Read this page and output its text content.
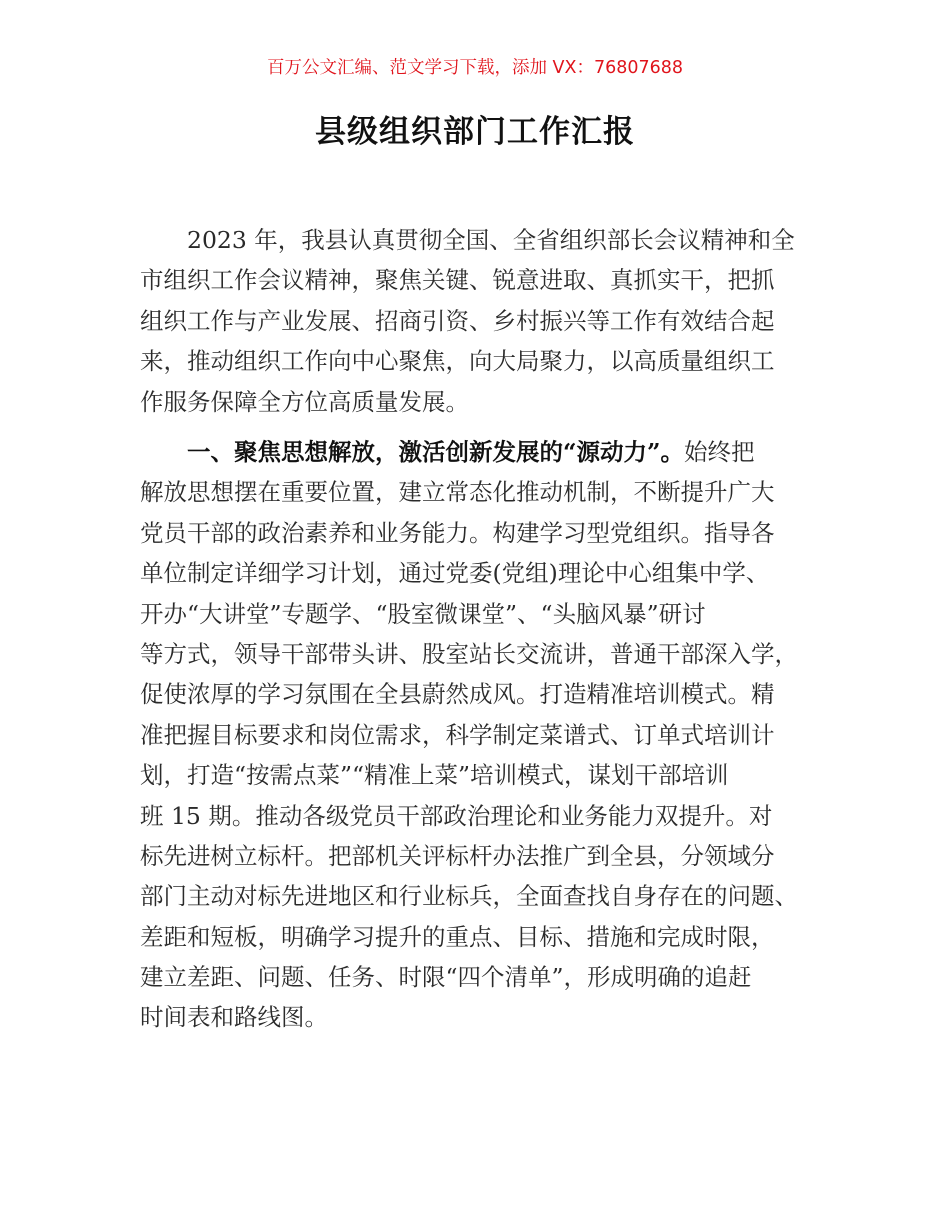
百万公文汇编、范文学习下载，添加 VX：76807688
县级组织部门工作汇报
2023 年，我县认真贯彻全国、全省组织部长会议精神和全
市组织工作会议精神，聚焦关键、锐意进取、真抓实干，把抓
组织工作与产业发展、招商引资、乡村振兴等工作有效结合起
来，推动组织工作向中心聚焦，向大局聚力，以高质量组织工
作服务保障全方位高质量发展。
一、聚焦思想解放，激活创新发展的“源动力”。始终把
解放思想摆在重要位置，建立常态化推动机制，不断提升广大
党员干部的政治素养和业务能力。构建学习型党组织。指导各
单位制定详细学习计划，通过党委(党组)理论中心组集中学、
开办“大讲堂”专题学、“股室微课堂”、“头脑风暴”研讨
等方式，领导干部带头讲、股室站长交流讲，普通干部深入学，
促使浓厚的学习氛围在全县蔚然成风。打造精准培训模式。精
准把握目标要求和岗位需求，科学制定菜谱式、订单式培训计
划，打造“按需点菜”“精准上菜”培训模式，谋划干部培训
班 15 期。推动各级党员干部政治理论和业务能力双提升。对
标先进树立标杆。把部机关评标杆办法推广到全县，分领域分
部门主动对标先进地区和行业标兵，全面查找自身存在的问题、
差距和短板，明确学习提升的重点、目标、措施和完成时限，
建立差距、问题、任务、时限“四个清单”，形成明确的追赶
时间表和路线图。
